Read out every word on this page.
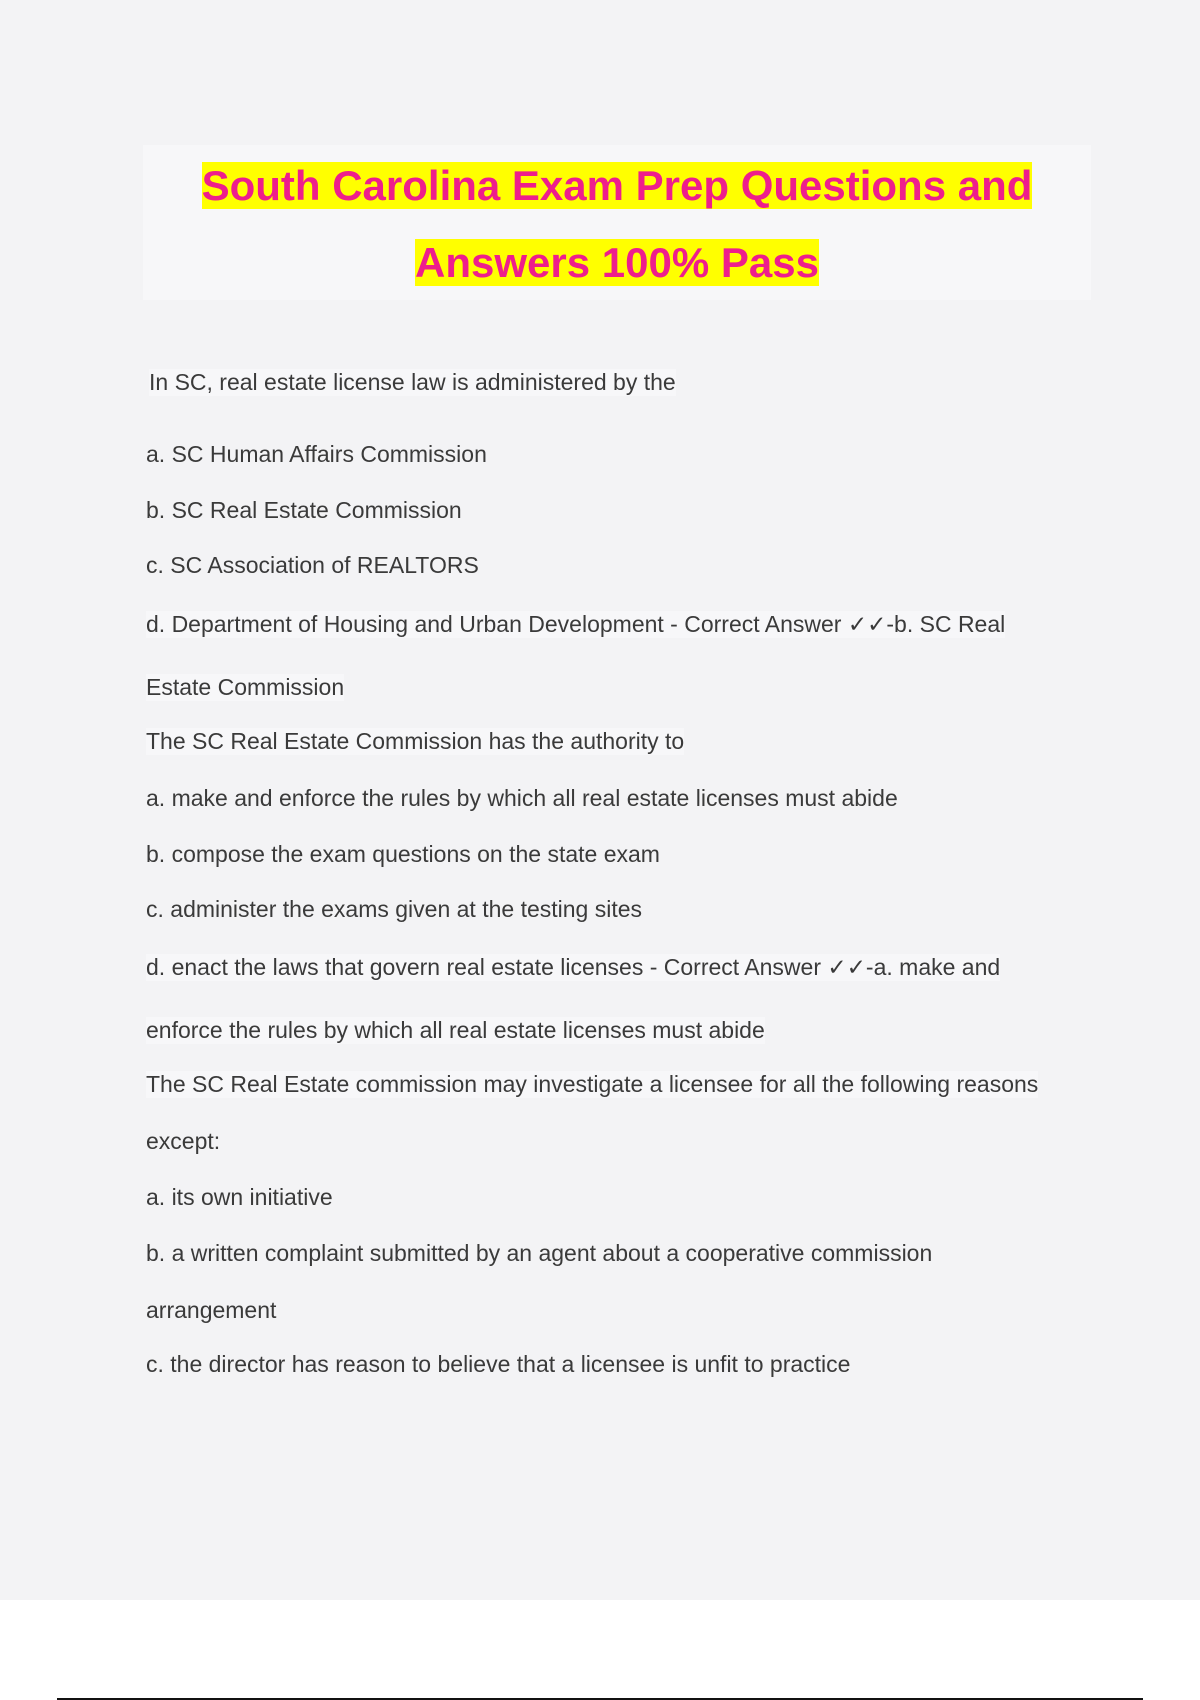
South Carolina Exam Prep Questions and
Answers 100% Pass
In SC, real estate license law is administered by the
a. SC Human Affairs Commission
b. SC Real Estate Commission
c. SC Association of REALTORS
d. Department of Housing and Urban Development - Correct Answer ✓✓-b. SC Real
Estate Commission
The SC Real Estate Commission has the authority to
a. make and enforce the rules by which all real estate licenses must abide
b. compose the exam questions on the state exam
c. administer the exams given at the testing sites
d. enact the laws that govern real estate licenses - Correct Answer ✓✓-a. make and
enforce the rules by which all real estate licenses must abide
The SC Real Estate commission may investigate a licensee for all the following reasons
except:
a. its own initiative
b. a written complaint submitted by an agent about a cooperative commission
arrangement
c. the director has reason to believe that a licensee is unfit to practice
